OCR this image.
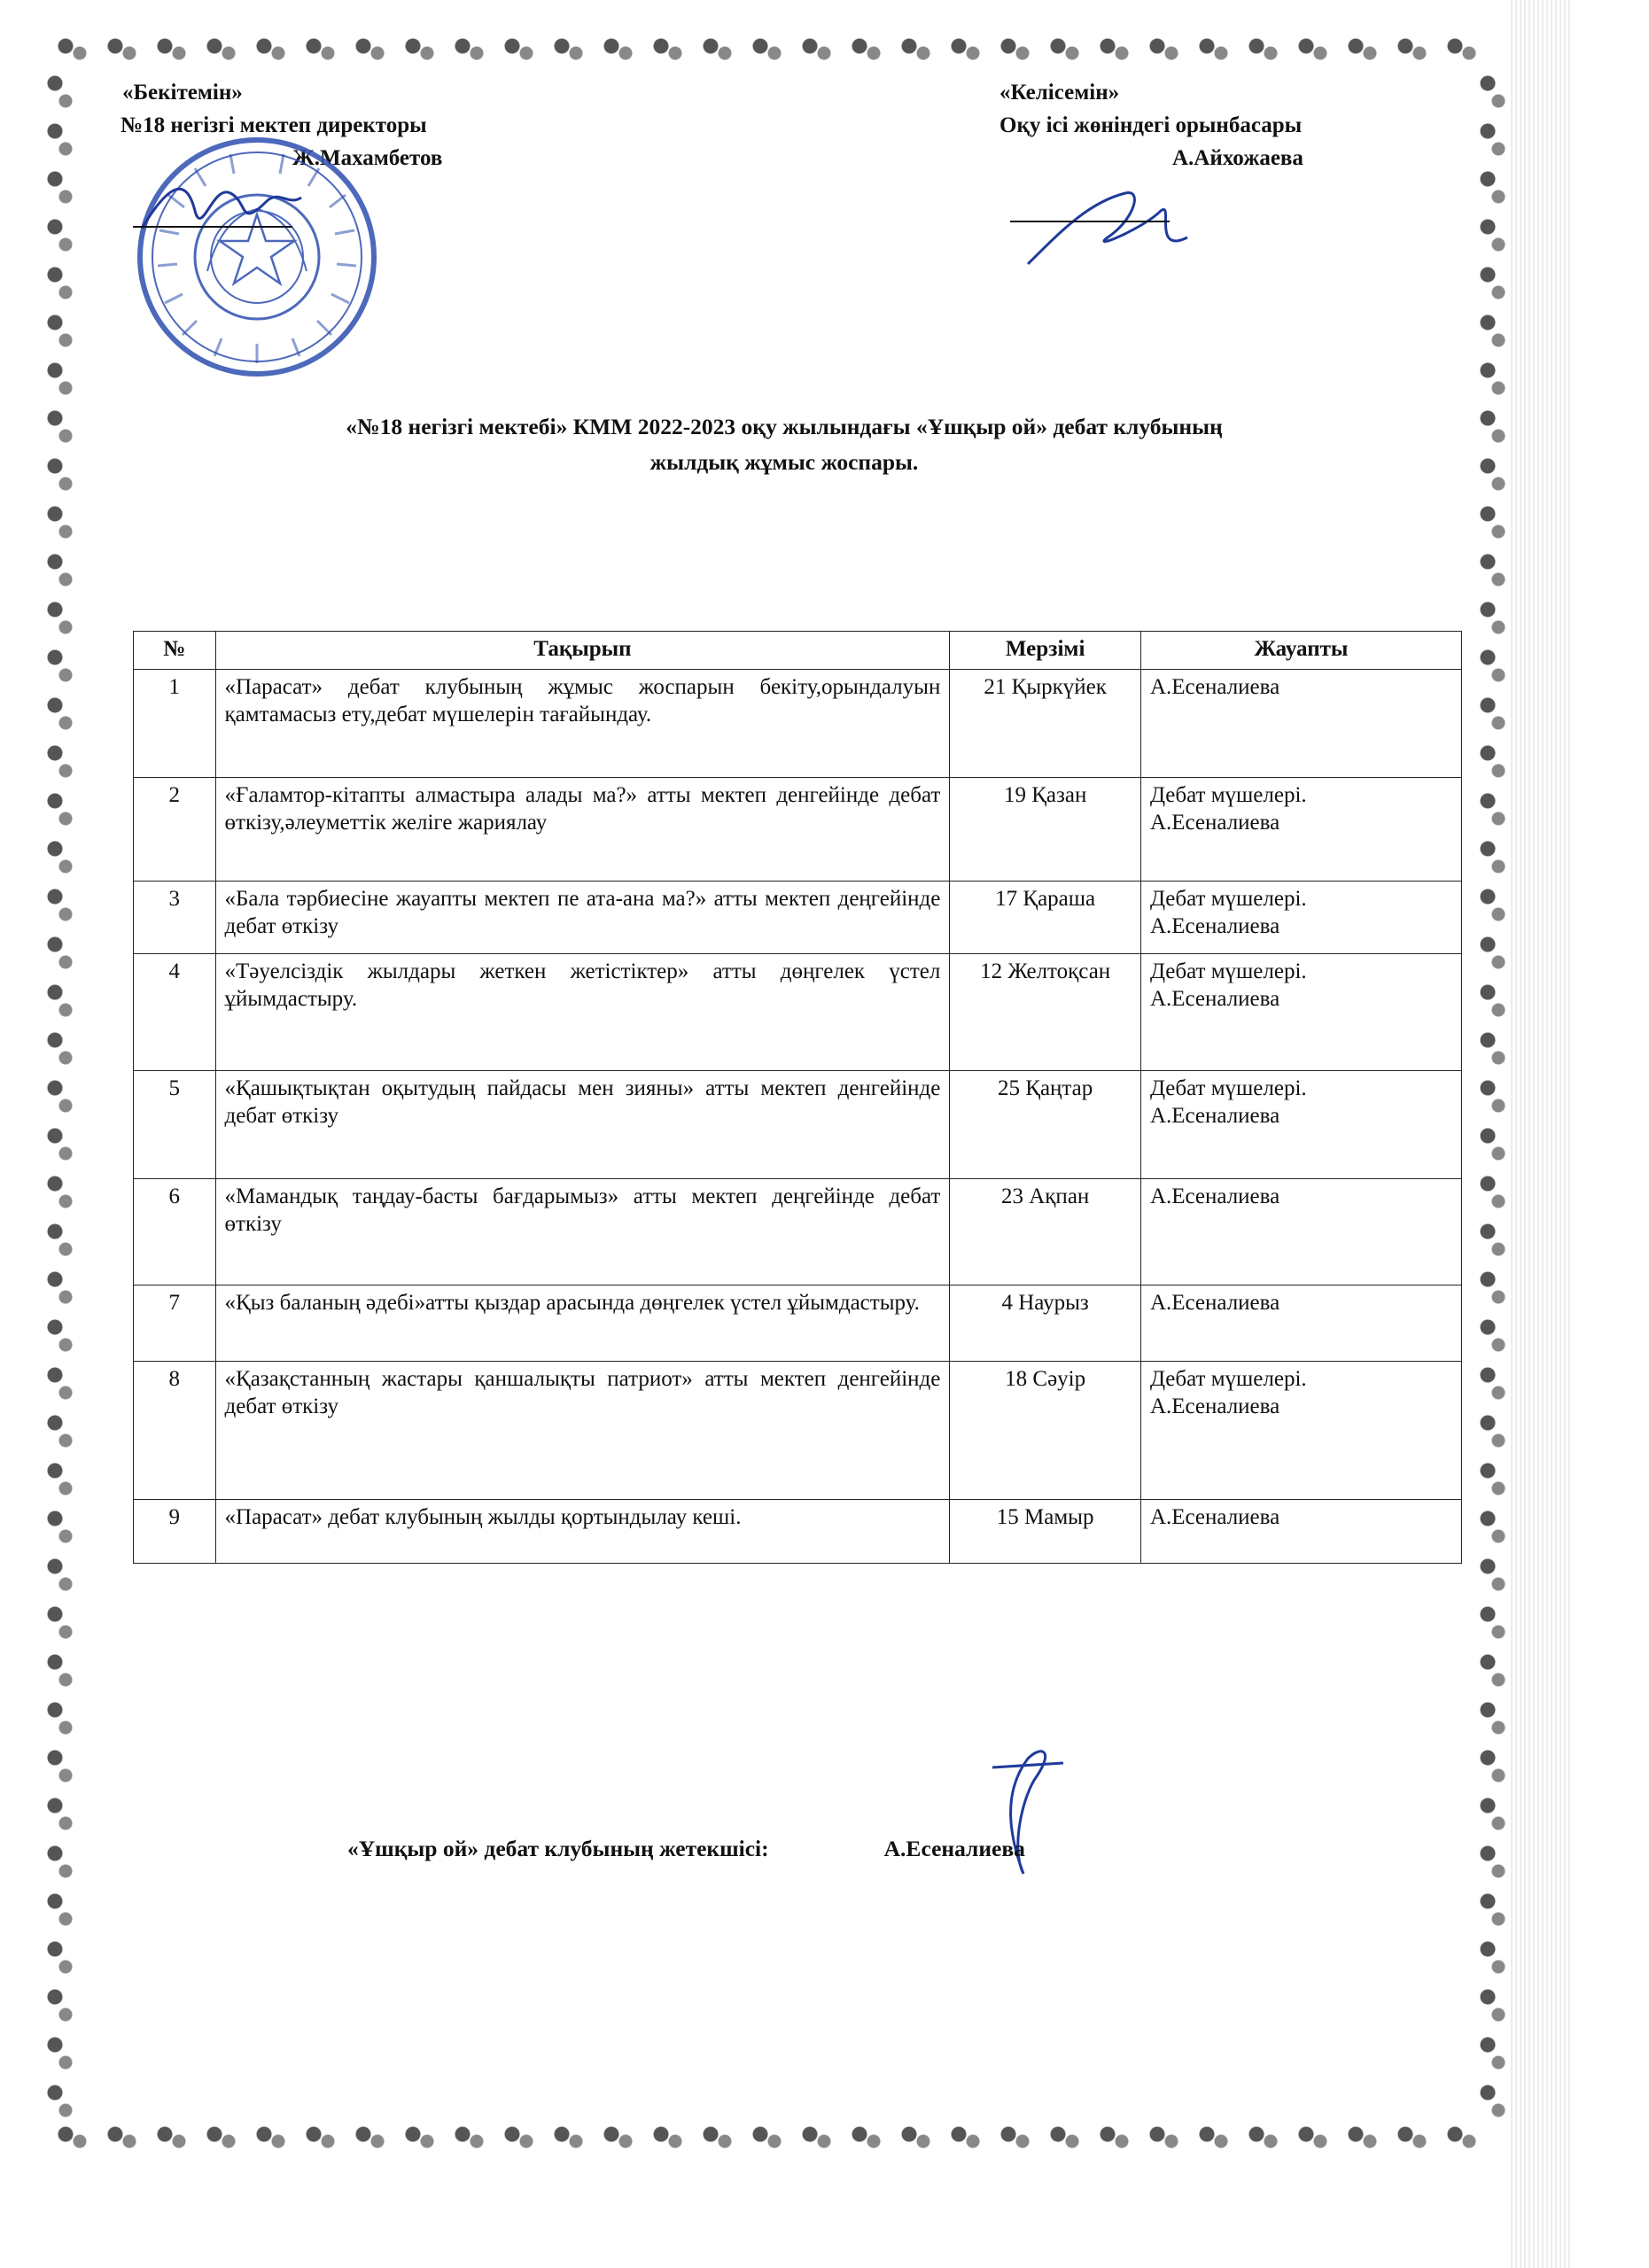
«Бекітемін»
№18 негізгі мектеп директоры
Ж.Махамбетов
«Келісемін»
Оқу ісі жөніндегі орынбасары
А.Айхожаева
«№18 негізгі мектебі» КММ 2022-2023 оқу жылындағы «Ұшқыр ой» дебат клубының
жылдық жұмыс жоспары.
№	Тақырып	Мерзімі	Жауапты
1	«Парасат» дебат клубының жұмыс жоспарын бекіту,орындалуын қамтамасыз ету,дебат мүшелерін тағайындау.	21 Қыркүйек	А.Есеналиева

2	«Ғаламтор-кітапты алмастыра алады ма?» атты мектеп денгейінде дебат өткізу,әлеуметтік желіге жариялау	19 Қазан	Дебат мүшелері.
А.Есеналиева

3	«Бала тәрбиесіне жауапты мектеп пе ата-ана ма?» атты мектеп деңгейінде дебат өткізу	17 Қараша	Дебат мүшелері.
А.Есеналиева

4	«Тәуелсіздік жылдары жеткен жетістіктер» атты дөңгелек үстел ұйымдастыру.	12 Желтоқсан	Дебат мүшелері.
А.Есеналиева

5	«Қашықтықтан оқытудың пайдасы мен зияны» атты мектеп денгейінде дебат өткізу	25 Қаңтар	Дебат мүшелері.
А.Есеналиева

6	«Мамандық таңдау-басты бағдарымыз» атты мектеп деңгейінде дебат өткізу	23 Ақпан	А.Есеналиева

7	«Қыз баланың әдебі»атты қыздар арасында дөңгелек үстел ұйымдастыру.	4 Наурыз	А.Есеналиева

8	«Қазақстанның жастары қаншалықты патриот» атты мектеп денгейінде дебат өткізу	18 Сәуір	Дебат мүшелері.
А.Есеналиева

9	«Парасат» дебат клубының жылды қортындылау кеші.	15 Мамыр	А.Есеналиева
«Ұшқыр ой» дебат клубының жетекшісі:	А.Есеналиева
